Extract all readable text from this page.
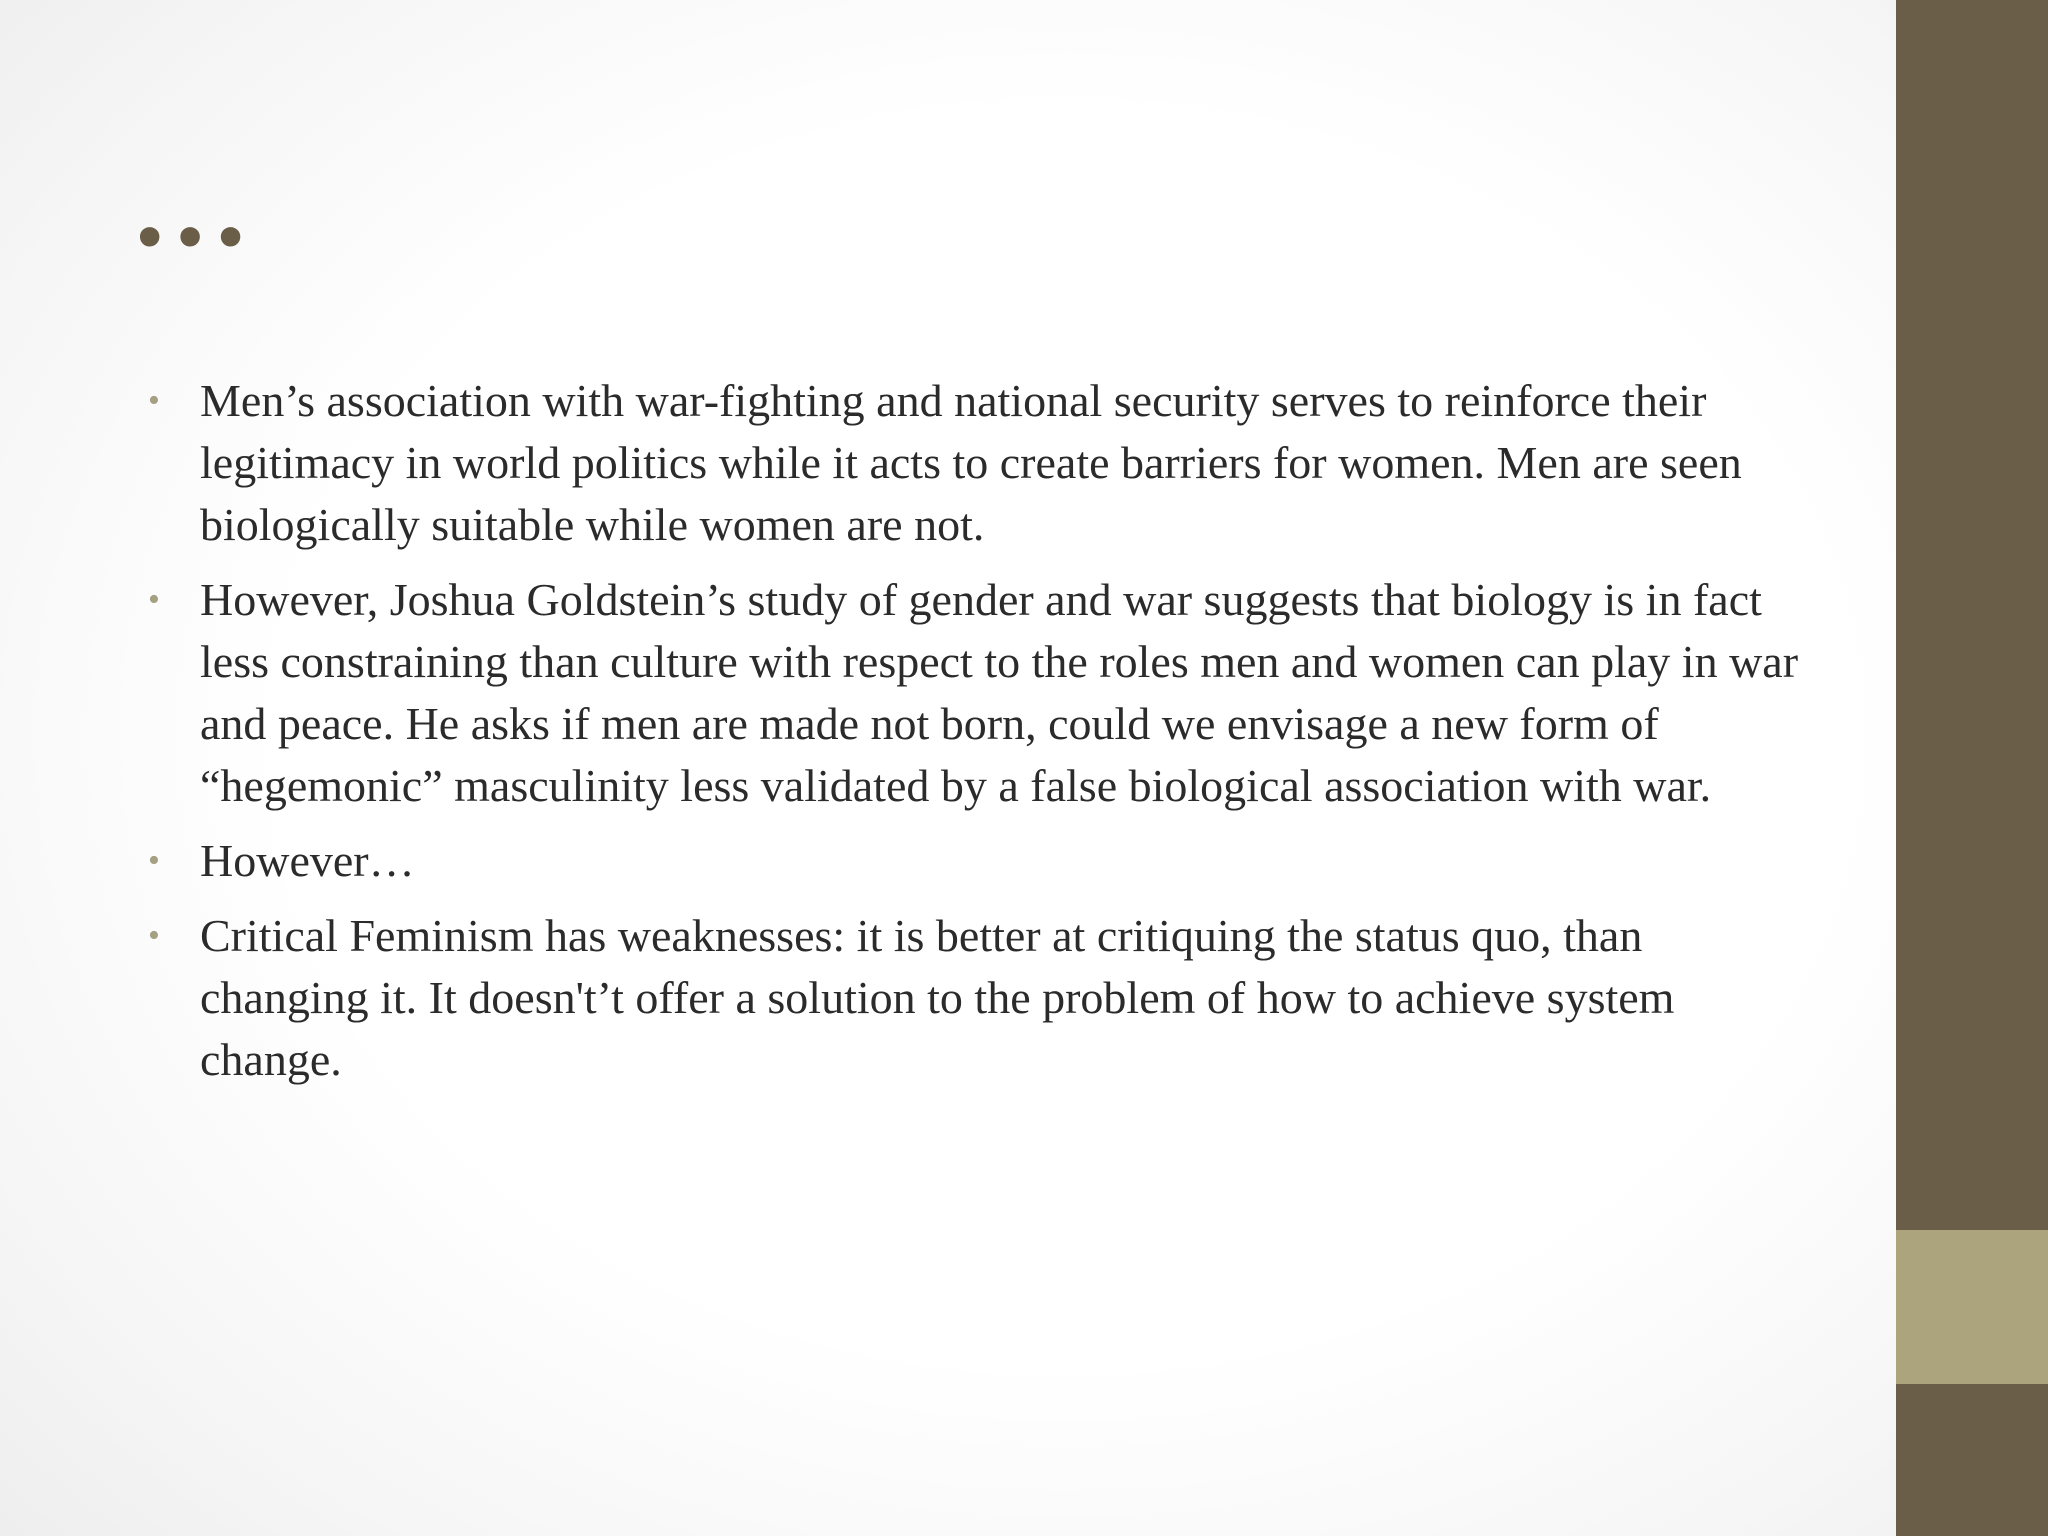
…
• Men’s association with war-fighting and national security serves to reinforce their legitimacy in world politics while it acts to create barriers for women. Men are seen biologically suitable while women are not.
• However, Joshua Goldstein’s study of gender and war suggests that biology is in fact less constraining than culture with respect to the roles men and women can play in war and peace. He asks if men are made not born, could we envisage a new form of “hegemonic” masculinity less validated by a false biological association with war.
• However…
• Critical Feminism has weaknesses: it is better at critiquing the status quo, than changing it. It doesn't’t offer a solution to the problem of how to achieve system change.
